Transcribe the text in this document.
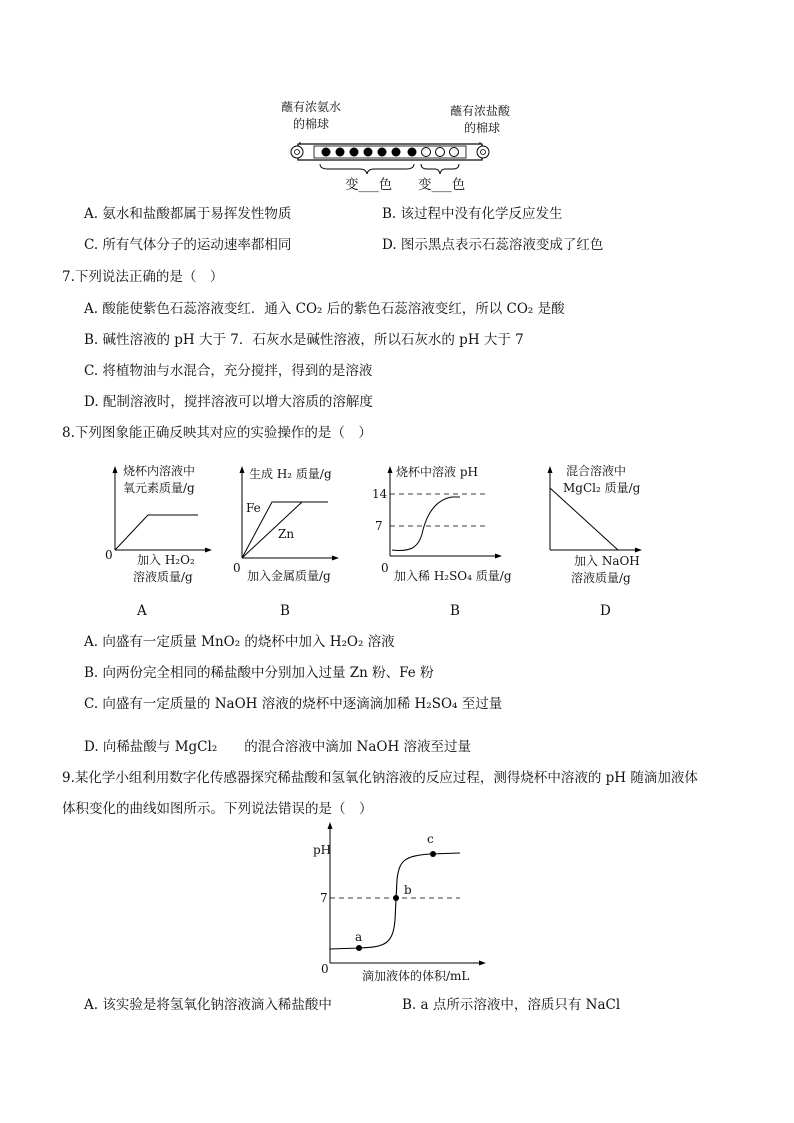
蘸有浓氨水
的棉球
蘸有浓盐酸
的棉球
变___色 变___色
A. 氨水和盐酸都属于易挥发性物质	B. 该过程中没有化学反应发生
C. 所有气体分子的运动速率都相同	D. 图示黑点表示石蕊溶液变成了红色
7.下列说法正确的是（　）
A. 酸能使紫色石蕊溶液变红．通入 CO₂ 后的紫色石蕊溶液变红，所以 CO₂ 是酸
B. 碱性溶液的 pH 大于 7．石灰水是碱性溶液，所以石灰水的 pH 大于 7
C. 将植物油与水混合，充分搅拌，得到的是溶液
D. 配制溶液时，搅拌溶液可以增大溶质的溶解度
8.下列图象能正确反映其对应的实验操作的是（　）
烧杯内溶液中
氧元素质量/g
0 加入 H₂O₂
溶液质量/g
A
生成 H₂ 质量/g
Fe
Zn
0
加入金属质量/g
B
烧杯中溶液 pH
14
7
0
加入稀 H₂SO₄ 质量/g
B
混合溶液中
MgCl₂ 质量/g
加入 NaOH
溶液质量/g
D
A. 向盛有一定质量 MnO₂ 的烧杯中加入 H₂O₂ 溶液
B. 向两份完全相同的稀盐酸中分别加入过量 Zn 粉、Fe 粉
C. 向盛有一定质量的 NaOH 溶液的烧杯中逐滴滴加稀 H₂SO₄ 至过量
D. 向稀盐酸与 MgCl₂　　的混合溶液中滴加 NaOH 溶液至过量
9.某化学小组利用数字化传感器探究稀盐酸和氢氧化钠溶液的反应过程，测得烧杯中溶液的 pH 随滴加液体
体积变化的曲线如图所示。下列说法错误的是（　）
pH
7
0
a
b
c
滴加液体的体积/mL
A. 该实验是将氢氧化钠溶液滴入稀盐酸中	B. a 点所示溶液中，溶质只有 NaCl
